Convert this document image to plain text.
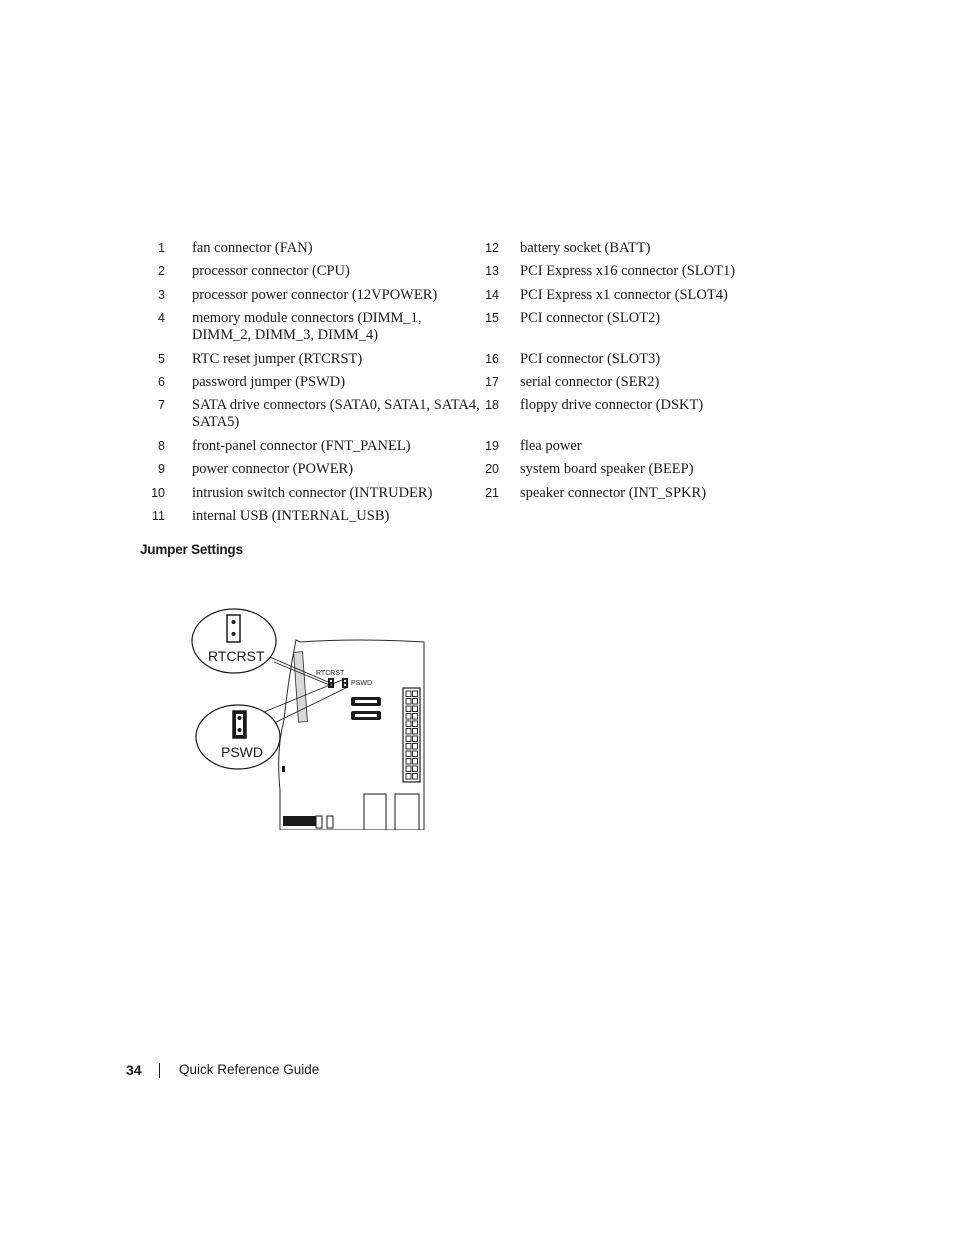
1 fan connector (FAN)
2 processor connector (CPU)
3 processor power connector (12VPOWER)
4 memory module connectors (DIMM_1,
DIMM_2, DIMM_3, DIMM_4)
5 RTC reset jumper (RTCRST)
6 password jumper (PSWD)
7 SATA drive connectors (SATA0, SATA1, SATA4,
SATA5)
8 front-panel connector (FNT_PANEL)
9 power connector (POWER)
10 intrusion switch connector (INTRUDER)
11 internal USB (INTERNAL_USB)
12 battery socket (BATT)
13 PCI Express x16 connector (SLOT1)
14 PCI Express x1 connector (SLOT4)
15 PCI connector (SLOT2)
16 PCI connector (SLOT3)
17 serial connector (SER2)
18 floppy drive connector (DSKT)
19 flea power
20 system board speaker (BEEP)
21 speaker connector (INT_SPKR)
Jumper Settings
RTCRST
PSWD
RTCRST
PSWD
34	Quick Reference Guide
